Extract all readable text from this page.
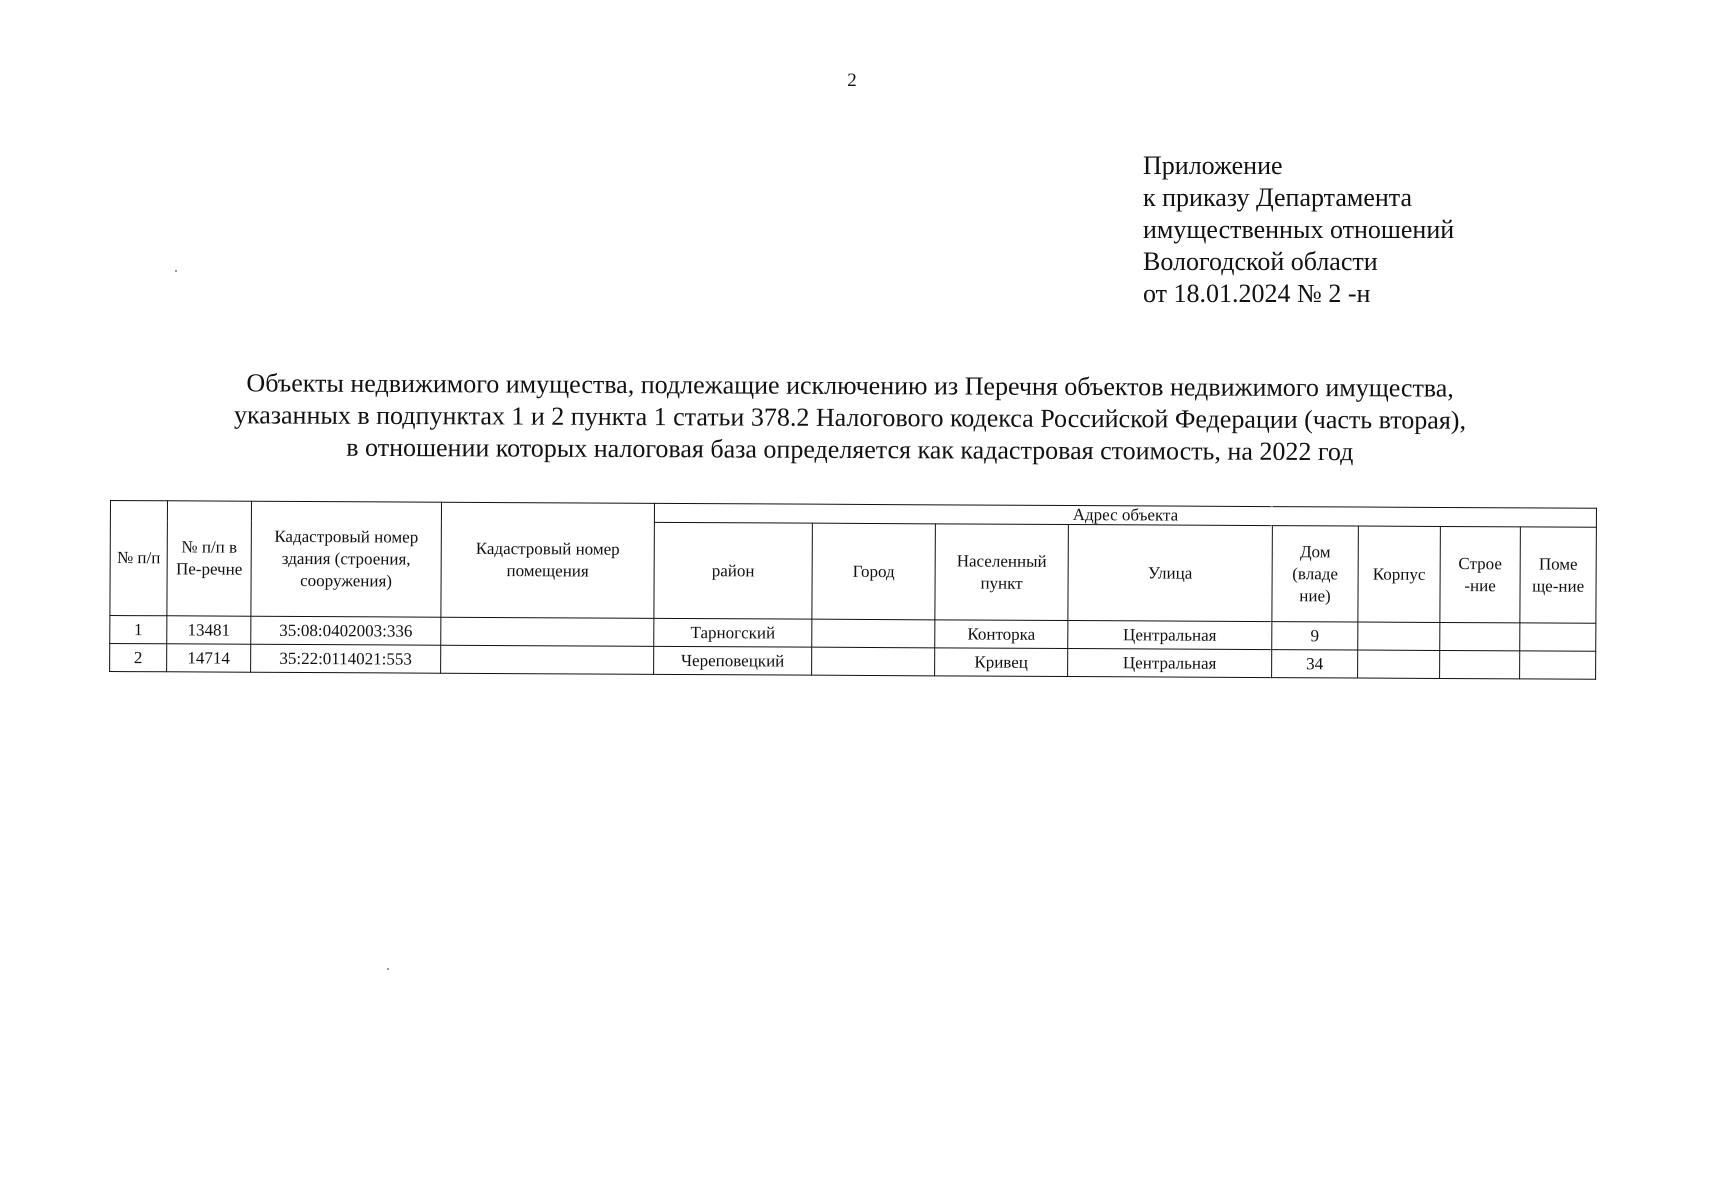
2
Приложение
к приказу Департамента
имущественных отношений
Вологодской области
от 18.01.2024 № 2 -н
Объекты недвижимого имущества, подлежащие исключению из Перечня объектов недвижимого имущества,
указанных в подпунктах 1 и 2 пункта 1 статьи 378.2 Налогового кодекса Российской Федерации (часть вторая),
в отношении которых налоговая база определяется как кадастровая стоимость, на 2022 год
№ п/п	№ п/п в Пе-речне	Кадастровый номер здания (строения, сооружения)	Кадастровый номер помещения	Адрес объекта							
				район	Город	Населенный пункт	Улица	Дом (владе ние)	Корпус	Строе -ние	Поме ще-ние
1	13481	35:08:0402003:336		Тарногский		Конторка	Центральная	9			
2	14714	35:22:0114021:553		Череповецкий		Кривец	Центральная	34			
